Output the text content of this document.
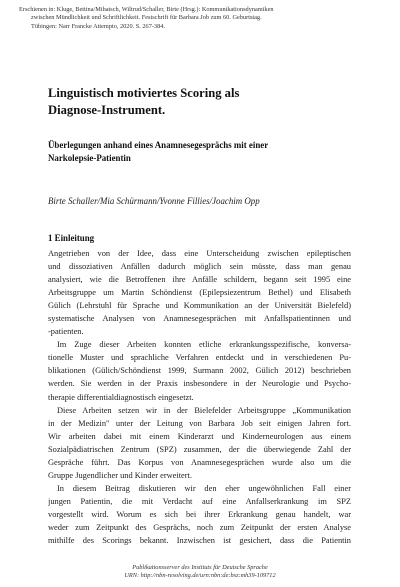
Erschienen in: Kluge, Bettina/Mihatsch, Wiltrud/Schaller, Birte (Hrsg.): Kommunikationsdynamiken
zwischen Mündlichkeit und Schriftlichkeit. Festschrift für Barbara Job zum 60. Geburtstag.
Tübingen: Narr Francke Attempto, 2020. S. 267-384.
Linguistisch motiviertes Scoring als
Diagnose-Instrument.
Überlegungen anhand eines Anamnesegesprächs mit einer
Narkolepsie-Patientin
Birte Schaller/Mia Schürmann/Yvonne Fillies/Joachim Opp
1 Einleitung

Angetrieben von der Idee, dass eine Unterscheidung zwischen epileptischen
und dissoziativen Anfällen dadurch möglich sein müsste, dass man genau
analysiert, wie die Betroffenen ihre Anfälle schildern, begann seit 1995 eine
Arbeitsgruppe um Martin Schöndienst (Epilepsiezentrum Bethel) und Elisabeth
Gülich (Lehrstuhl für Sprache und Kommunikation an der Universität Bielefeld)
systematische Analysen von Anamnesegesprächen mit Anfallspatientinnen und

-patienten.

Im Zuge dieser Arbeiten konnten etliche erkrankungsspezifische, konversa-
tionelle Muster und sprachliche Verfahren entdeckt und in verschiedenen Pu-
blikationen (Gülich/Schöndienst 1999, Surmann 2002, Gülich 2012) beschrieben
werden. Sie werden in der Praxis insbesondere in der Neurologie und Psycho-

therapie differentialdiagnostisch eingesetzt.

Diese Arbeiten setzen wir in der Bielefelder Arbeitsgruppe „Kommunikation
in der Medizin" unter der Leitung von Barbara Job seit einigen Jahren fort.
Wir arbeiten dabei mit einem Kinderarzt und Kinderneurologen aus einem
Sozialpädiatrischen Zentrum (SPZ) zusammen, der die überwiegende Zahl der
Gespräche führt. Das Korpus von Anamnesegesprächen wurde also um die

Gruppe Jugendlicher und Kinder erweitert.

In diesem Beitrag diskutieren wir den eher ungewöhnlichen Fall einer
jungen Patientin, die mit Verdacht auf eine Anfallserkrankung im SPZ
vorgestellt wird. Worum es sich bei ihrer Erkrankung genau handelt, war
weder zum Zeitpunkt des Gesprächs, noch zum Zeitpunkt der ersten Analyse
mithilfe des Scorings bekannt. Inzwischen ist gesichert, dass die Patientin

Publikationsserver des Instituts für Deutsche Sprache
URN: http://nbn-resolving.de/urn:nbn:de:bsz:mh39-109712
